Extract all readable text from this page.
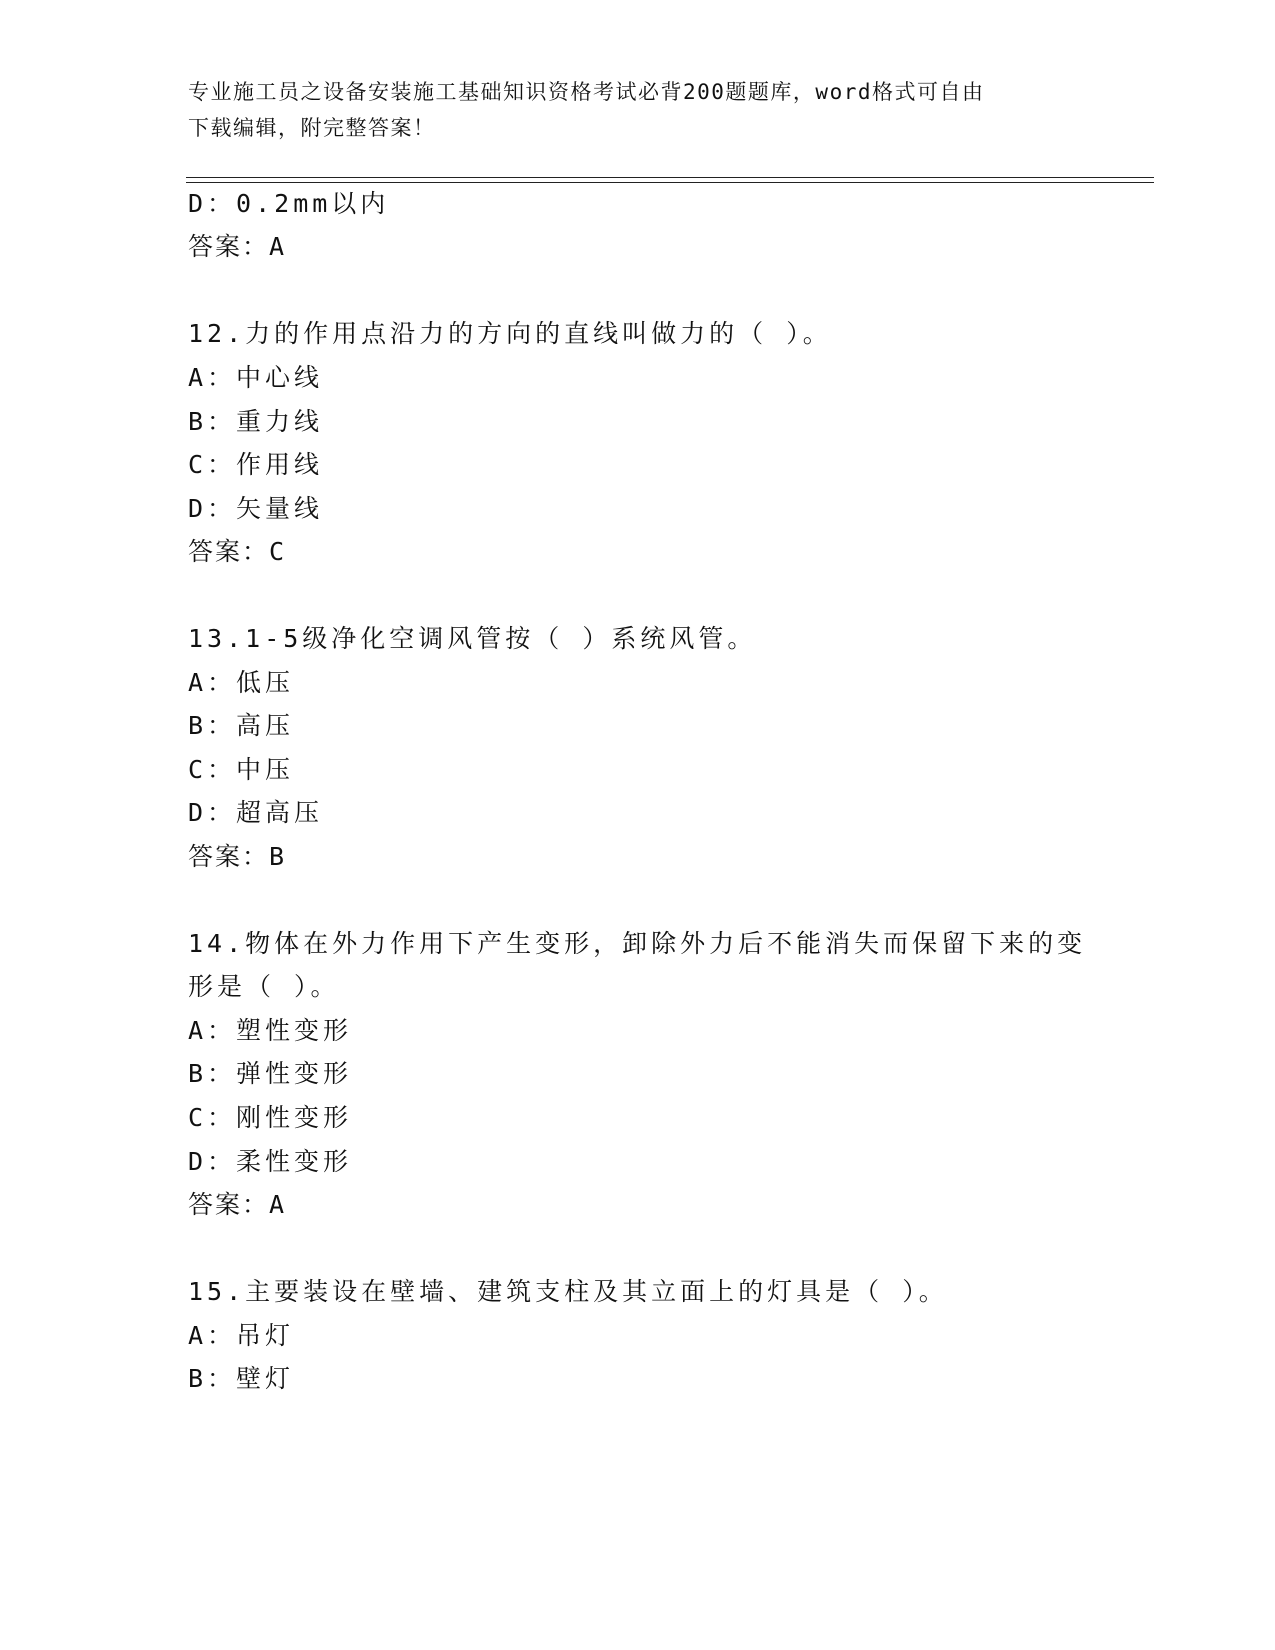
专业施工员之设备安装施工基础知识资格考试必背200题题库，word格式可自由
下载编辑，附完整答案！
D：0.2mm以内
答案：A
12.力的作用点沿力的方向的直线叫做力的（ ）。
A：中心线
B：重力线
C：作用线
D：矢量线
答案：C
13.1-5级净化空调风管按（ ）系统风管。
A：低压
B：高压
C：中压
D：超高压
答案：B
14.物体在外力作用下产生变形，卸除外力后不能消失而保留下来的变
形是（ ）。
A：塑性变形
B：弹性变形
C：刚性变形
D：柔性变形
答案：A
15.主要装设在壁墙、建筑支柱及其立面上的灯具是（ ）。
A：吊灯
B：壁灯
